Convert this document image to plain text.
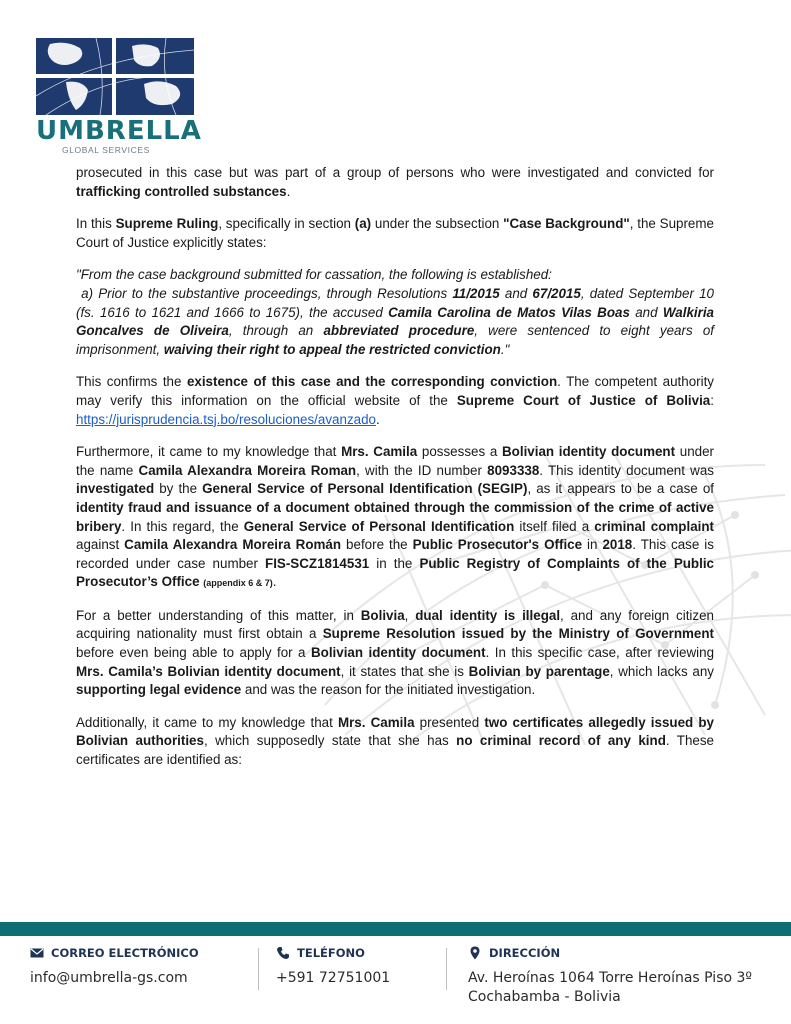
UMBRELLA
GLOBAL SERVICES

prosecuted in this case but was part of a group of persons who were investigated and convicted for trafficking controlled substances.

In this Supreme Ruling, specifically in section (a) under the subsection "Case Background", the Supreme Court of Justice explicitly states:

"From the case background submitted for cassation, the following is established:
a) Prior to the substantive proceedings, through Resolutions 11/2015 and 67/2015, dated September 10 (fs. 1616 to 1621 and 1666 to 1675), the accused Camila Carolina de Matos Vilas Boas and Walkiria Goncalves de Oliveira, through an abbreviated procedure, were sentenced to eight years of imprisonment, waiving their right to appeal the restricted conviction."

This confirms the existence of this case and the corresponding conviction. The competent authority may verify this information on the official website of the Supreme Court of Justice of Bolivia: https://jurisprudencia.tsj.bo/resoluciones/avanzado.

Furthermore, it came to my knowledge that Mrs. Camila possesses a Bolivian identity document under the name Camila Alexandra Moreira Roman, with the ID number 8093338. This identity document was investigated by the General Service of Personal Identification (SEGIP), as it appears to be a case of identity fraud and issuance of a document obtained through the commission of the crime of active bribery. In this regard, the General Service of Personal Identification itself filed a criminal complaint against Camila Alexandra Moreira Román before the Public Prosecutor's Office in 2018. This case is recorded under case number FIS-SCZ1814531 in the Public Registry of Complaints of the Public Prosecutor’s Office (appendix 6 & 7).

For a better understanding of this matter, in Bolivia, dual identity is illegal, and any foreign citizen acquiring nationality must first obtain a Supreme Resolution issued by the Ministry of Government before even being able to apply for a Bolivian identity document. In this specific case, after reviewing Mrs. Camila’s Bolivian identity document, it states that she is Bolivian by parentage, which lacks any supporting legal evidence and was the reason for the initiated investigation.

Additionally, it came to my knowledge that Mrs. Camila presented two certificates allegedly issued by Bolivian authorities, which supposedly state that she has no criminal record of any kind. These certificates are identified as:

CORREO ELECTRÓNICO
info@umbrella-gs.com
TELÉFONO
+591 72751001
DIRECCIÓN
Av. Heroínas 1064 Torre Heroínas Piso 3º
Cochabamba - Bolivia
